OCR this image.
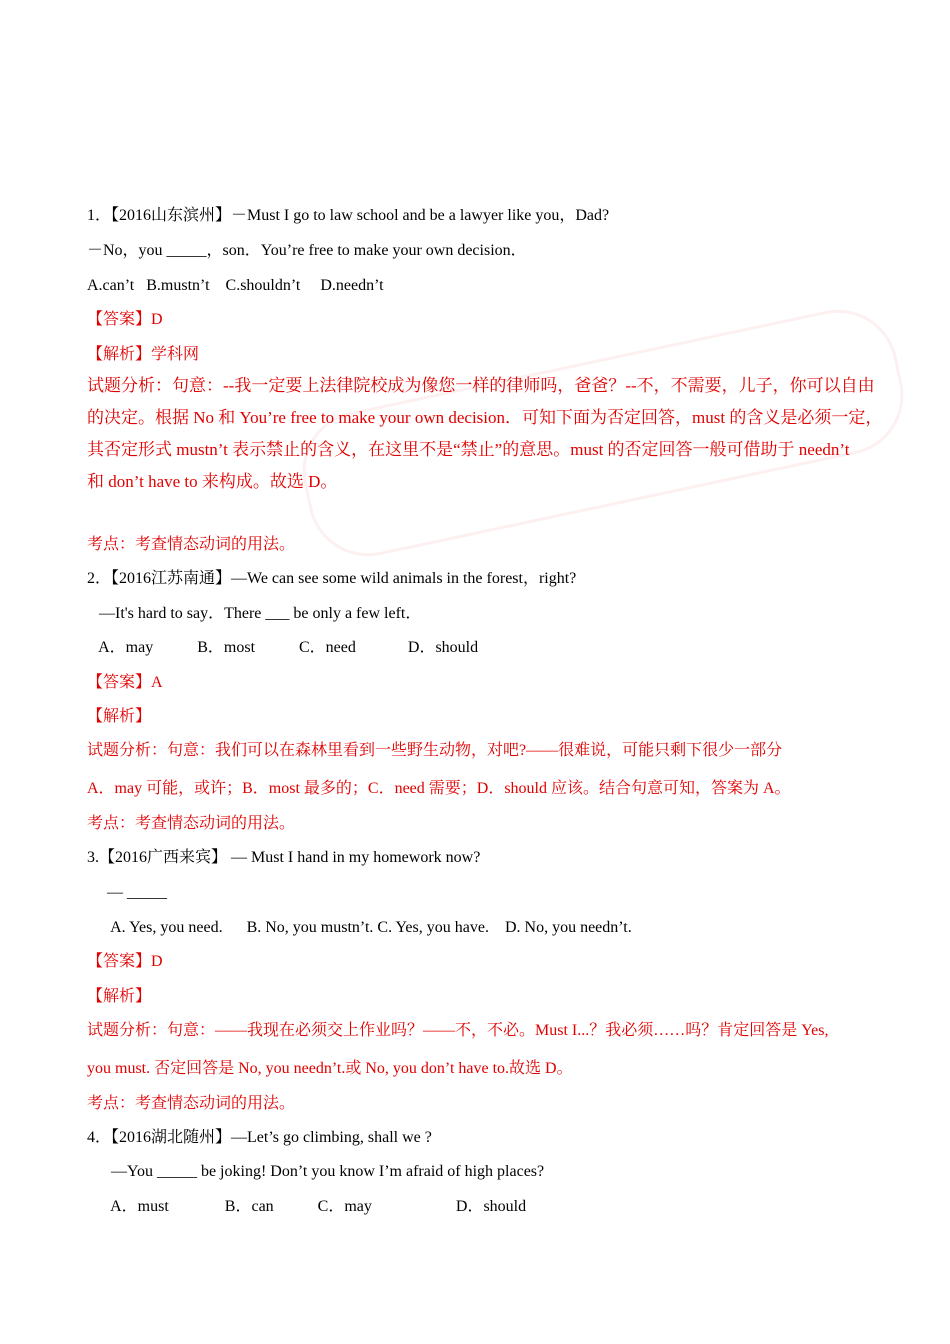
1．【2016山东滨州】－Must I go to law school and be a lawyer like you，Dad?
－No，you _____，son．You’re free to make your own decision．
A.can’t   B.mustn’t    C.shouldn’t     D.needn’t
【答案】D
【解析】学科网
试题分析：句意：--我一定要上法律院校成为像您一样的律师吗，爸爸？--不，不需要，儿子，你可以自由
的决定。根据 No 和 You’re free to make your own decision．可知下面为否定回答，must 的含义是必须一定，
其否定形式 mustn’t 表示禁止的含义，在这里不是“禁止”的意思。must 的否定回答一般可借助于 needn’t
和 don’t have to 来构成。故选 D。
考点：考查情态动词的用法。
2．【2016江苏南通】—We can see some wild animals in the forest，right?
—It's hard to say．There ___ be only a few left．
A．may           B．most           C．need             D．should
【答案】A
【解析】
试题分析：句意：我们可以在森林里看到一些野生动物，对吧?——很难说，可能只剩下很少一部分
A．may 可能，或许；B．most 最多的；C．need 需要；D．should 应该。结合句意可知，答案为 A。
考点：考查情态动词的用法。
3.【2016广西来宾】 — Must I hand in my homework now?
— _____
A. Yes, you need.      B. No, you mustn’t. C. Yes, you have.    D. No, you needn’t.
【答案】D
【解析】
试题分析：句意：——我现在必须交上作业吗？——不，不必。Must I...？我必须……吗？肯定回答是 Yes,
you must. 否定回答是 No, you needn’t.或 No, you don’t have to.故选 D。
考点：考查情态动词的用法。
4．【2016湖北随州】—Let’s go climbing, shall we ?
—You _____ be joking! Don’t you know I’m afraid of high places?
A．must              B．can           C．may                     D．should
